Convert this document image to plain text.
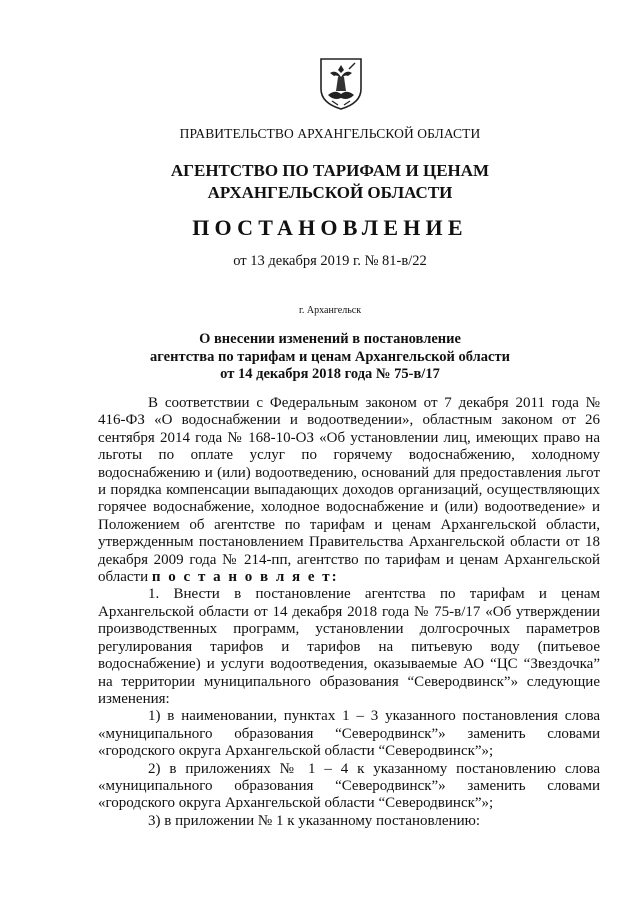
ПРАВИТЕЛЬСТВО АРХАНГЕЛЬСКОЙ ОБЛАСТИ
АГЕНТСТВО ПО ТАРИФАМ И ЦЕНАМ
АРХАНГЕЛЬСКОЙ ОБЛАСТИ
ПОСТАНОВЛЕНИЕ
от 13 декабря 2019 г. № 81-в/22
г. Архангельск
О внесении изменений в постановление
агентства по тарифам и ценам Архангельской области
от 14 декабря 2018 года № 75-в/17

В соответствии с Федеральным законом от 7 декабря 2011 года № 416-ФЗ «О водоснабжении и водоотведении», областным законом от 26 сентября 2014 года № 168-10-ОЗ «Об установлении лиц, имеющих право на льготы по оплате услуг по горячему водоснабжению, холодному водоснабжению и (или) водоотведению, оснований для предоставления льгот и порядка компенсации выпадающих доходов организаций, осуществляющих горячее водоснабжение, холодное водоснабжение и (или) водоотведение» и Положением об агентстве по тарифам и ценам Архангельской области, утвержденным постановлением Правительства Архангельской области от 18 декабря 2009 года № 214-пп, агентство по тарифам и ценам Архангельской области п о с т а н о в л я е т:

1. Внести в постановление агентства по тарифам и ценам Архангельской области от 14 декабря 2018 года № 75-в/17 «Об утверждении производственных программ, установлении долгосрочных параметров регулирования тарифов и тарифов на питьевую воду (питьевое водоснабжение) и услуги водоотведения, оказываемые АО “ЦС “Звездочка” на территории муниципального образования “Северодвинск”» следующие изменения:

1) в наименовании, пунктах 1 – 3 указанного постановления слова «муниципального образования “Северодвинск”» заменить словами «городского округа Архангельской области “Северодвинск”»;

2) в приложениях № 1 – 4 к указанному постановлению слова «муниципального образования “Северодвинск”» заменить словами «городского округа Архангельской области “Северодвинск”»;

3) в приложении № 1 к указанному постановлению:
